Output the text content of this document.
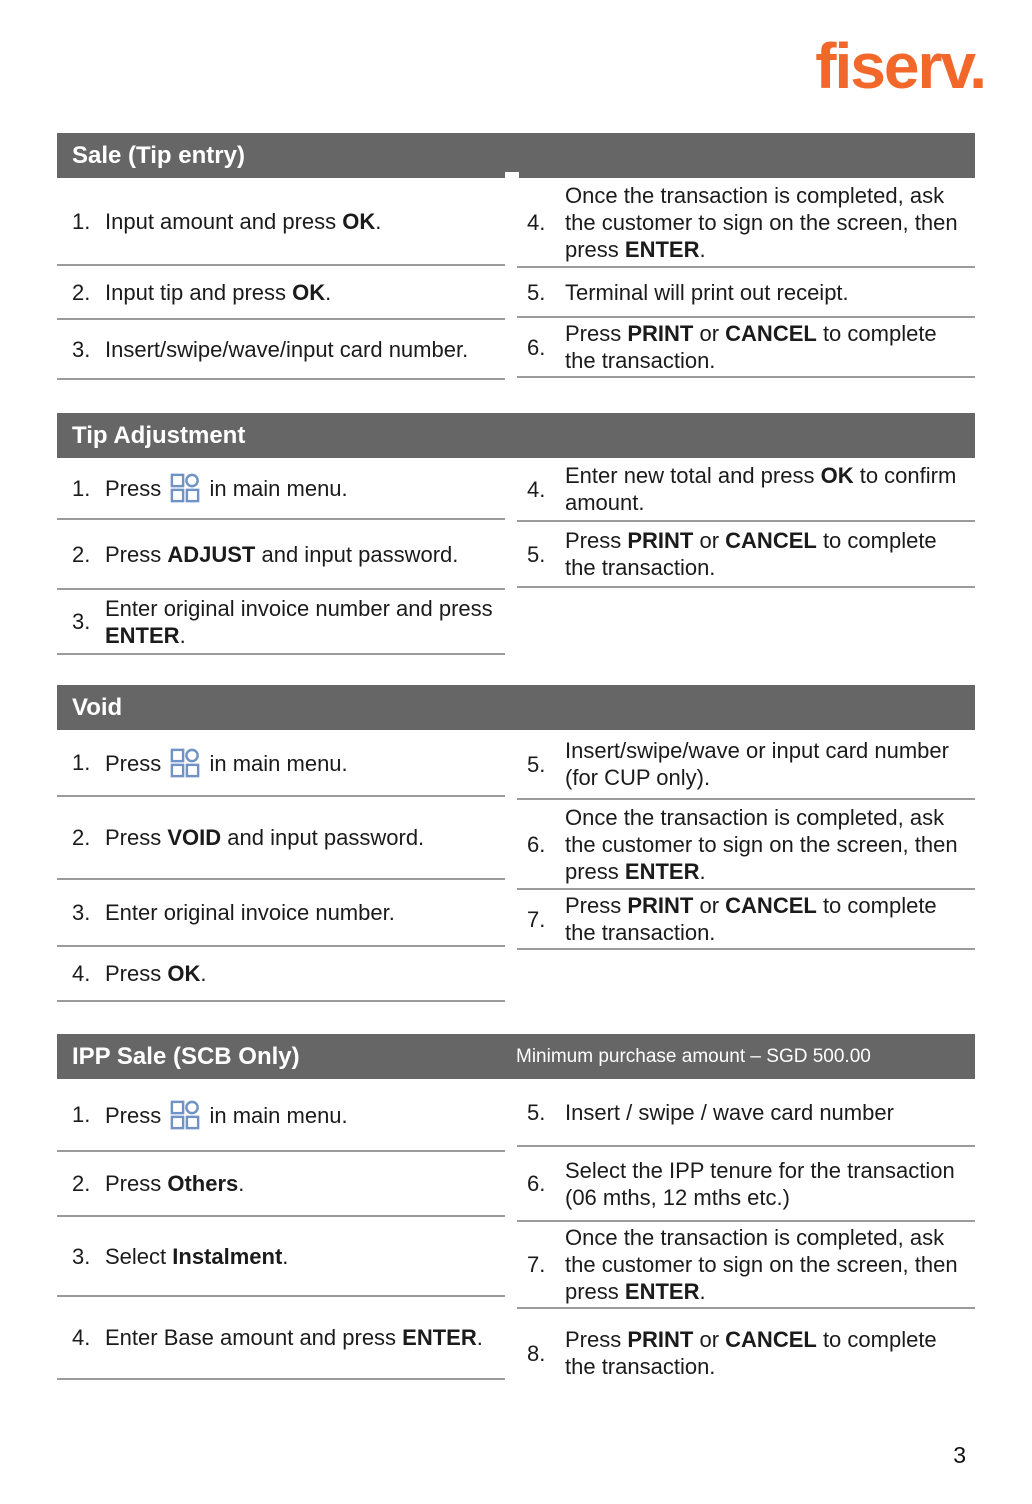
fiserv.
Sale (Tip entry)
1. Input amount and press OK.
2. Input tip and press OK.
3. Insert/swipe/wave/input card number.
4.
Once the transaction is completed, ask the customer to sign on the screen, then press ENTER.
5. Terminal will print out receipt.
6.
Press PRINT or CANCEL to complete the transaction.
Tip Adjustment
1. Press  in main menu.
2. Press ADJUST and input password.
3.
Enter original invoice number and press ENTER.
4.
Enter new total and press OK to confirm amount.
5.
Press PRINT or CANCEL to complete the transaction.
Void
1. Press  in main menu.
2. Press VOID and input password.
3. Enter original invoice number.
4. Press OK.
5.
Insert/swipe/wave or input card number (for CUP only).
6.
Once the transaction is completed, ask the customer to sign on the screen, then press ENTER.
7.
Press PRINT or CANCEL to complete the transaction.
IPP Sale (SCB Only)	Minimum purchase amount – SGD 500.00
1. Press  in main menu.
2. Press Others.
3. Select Instalment.
4. Enter Base amount and press ENTER.
5. Insert / swipe / wave card number
6.
Select the IPP tenure for the transaction (06 mths, 12 mths etc.)
7.
Once the transaction is completed, ask the customer to sign on the screen, then press ENTER.
8.
Press PRINT or CANCEL to complete the transaction.
3
